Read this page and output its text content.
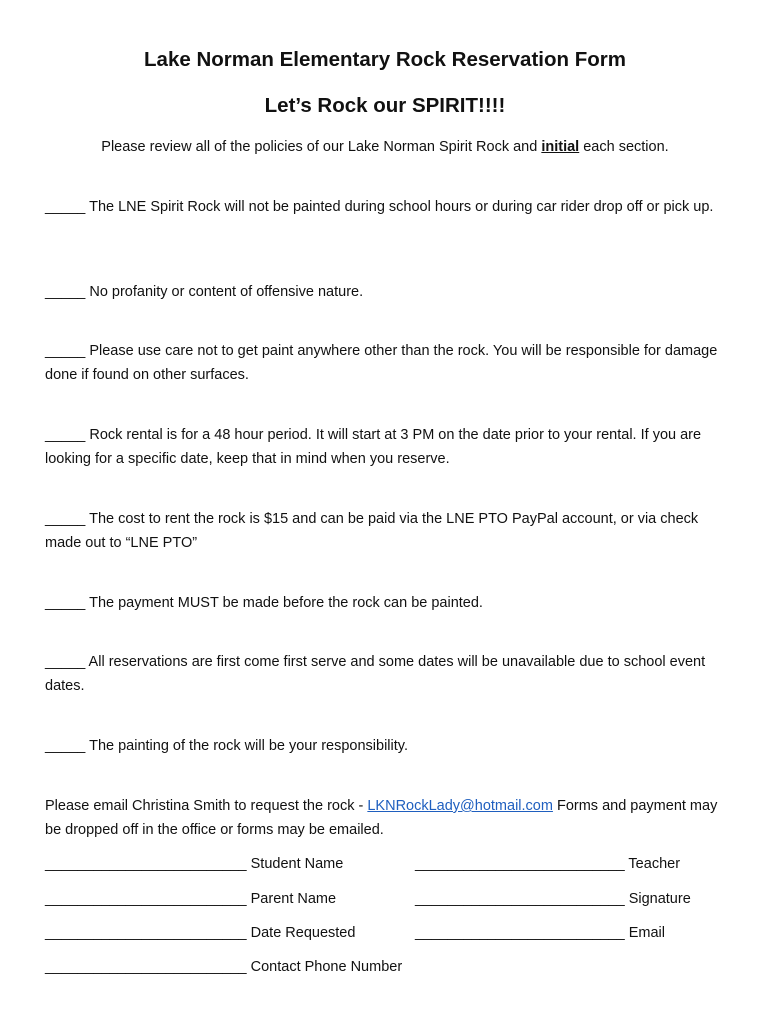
Lake Norman Elementary Rock Reservation Form
Let’s Rock our SPIRIT!!!!
Please review all of the policies of our Lake Norman Spirit Rock and initial each section.
_____ The LNE Spirit Rock will not be painted during school hours or during car rider drop off or pick up.
_____ No profanity or content of offensive nature.
_____ Please use care not to get paint anywhere other than the rock. You will be responsible for damage done if found on other surfaces.
_____ Rock rental is for a 48 hour period. It will start at 3 PM on the date prior to your rental. If you are looking for a specific date, keep that in mind when you reserve.
_____ The cost to rent the rock is $15 and can be paid via the LNE PTO PayPal account, or via check made out to “LNE PTO”
_____ The payment MUST be made before the rock can be painted.
_____ All reservations are first come first serve and some dates will be unavailable due to school event dates.
_____ The painting of the rock will be your responsibility.
Please email Christina Smith to request the rock - LKNRockLady@hotmail.com Forms and payment may be dropped off in the office or forms may be emailed.
_________________________ Student Name	__________________________ Teacher
_________________________ Parent Name	__________________________ Signature
_________________________ Date Requested	__________________________ Email
_________________________ Contact Phone Number
